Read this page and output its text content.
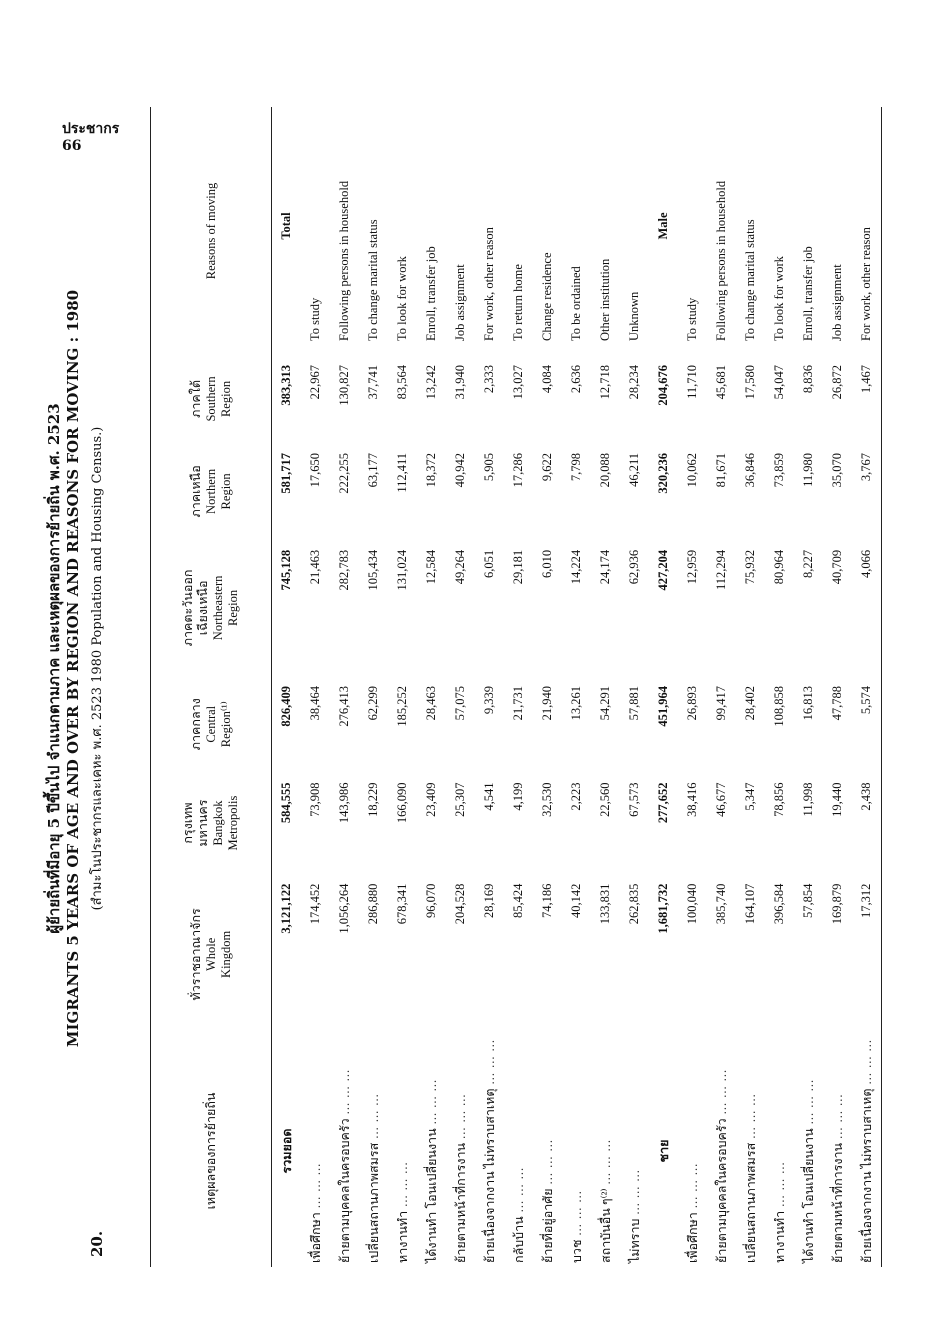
ประชากร
66
20.
ผู้ย้ายถิ่นที่มีอายุ 5 ปีขึ้นไป จำแนกตามภาค และเหตุผลของการย้ายถิ่น พ.ศ. 2523 MIGRANTS 5 YEARS OF AGE AND OVER BY REGION AND REASONS FOR MOVING : 1980 (สำมะโนประชากรและเคหะ พ.ศ. 2523 1980 Population and Housing Census.)
เหตุผลของการย้ายถิ่น	ทั่วราชอาณาจักร
Whole
Kingdom	กรุงเทพ
มหานคร
Bangkok
Metropolis	ภาคกลาง
Central
Region⁽¹⁾	ภาคตะวันออก
เฉียงเหนือ
Northeastern
Region	ภาคเหนือ
Northern
Region	ภาคใต้
Southern
Region	Reasons of moving
รวมยอด	3,121,122	584,555	826,409	745,128	581,717	383,313	Total
เพื่อศึกษา ... ... ...	174,452	73,908	38,464	21,463	17,650	22,967	To study
ย้ายตามบุคคลในครอบครัว ... ... ...	1,056,264	143,986	276,413	282,783	222,255	130,827	Following persons in household
เปลี่ยนสถานภาพสมรส ... ... ...	286,880	18,229	62,299	105,434	63,177	37,741	To change marital status
หางานทำ ... ... ...	678,341	166,090	185,252	131,024	112,411	83,564	To look for work
ได้งานทำ โอนเปลี่ยนงาน ... ... ...	96,070	23,409	28,463	12,584	18,372	13,242	Enroll, transfer job
ย้ายตามหน้าที่การงาน ... ... ...	204,528	25,307	57,075	49,264	40,942	31,940	Job assignment
ย้ายเนื่องจากงาน ไม่ทราบสาเหตุ ... ... ...	28,169	4,541	9,339	6,051	5,905	2,333	For work, other reason
กลับบ้าน ... ... ...	85,424	4,199	21,731	29,181	17,286	13,027	To return home
ย้ายที่อยู่อาศัย ... ... ...	74,186	32,530	21,940	6,010	9,622	4,084	Change residence
บวช ... ... ...	40,142	2,223	13,261	14,224	7,798	2,636	To be ordained
สถาบันอื่น ๆ⁽²⁾ ... ... ...	133,831	22,560	54,291	24,174	20,088	12,718	Other institution
ไม่ทราบ ... ... ...	262,835	67,573	57,881	62,936	46,211	28,234	Unknown
ชาย	1,681,732	277,652	451,964	427,204	320,236	204,676	Male
เพื่อศึกษา ... ... ...	100,040	38,416	26,893	12,959	10,062	11,710	To study
ย้ายตามบุคคลในครอบครัว ... ... ...	385,740	46,677	99,417	112,294	81,671	45,681	Following persons in household
เปลี่ยนสถานภาพสมรส ... ... ...	164,107	5,347	28,402	75,932	36,846	17,580	To change marital status
หางานทำ ... ... ...	396,584	78,856	108,858	80,964	73,859	54,047	To look for work
ได้งานทำ โอนเปลี่ยนงาน ... ... ...	57,854	11,998	16,813	8,227	11,980	8,836	Enroll, transfer job
ย้ายตามหน้าที่การงาน ... ... ...	169,879	19,440	47,788	40,709	35,070	26,872	Job assignment
ย้ายเนื่องจากงาน ไม่ทราบสาเหตุ ... ... ...	17,312	2,438	5,574	4,066	3,767	1,467	For work, other reason
